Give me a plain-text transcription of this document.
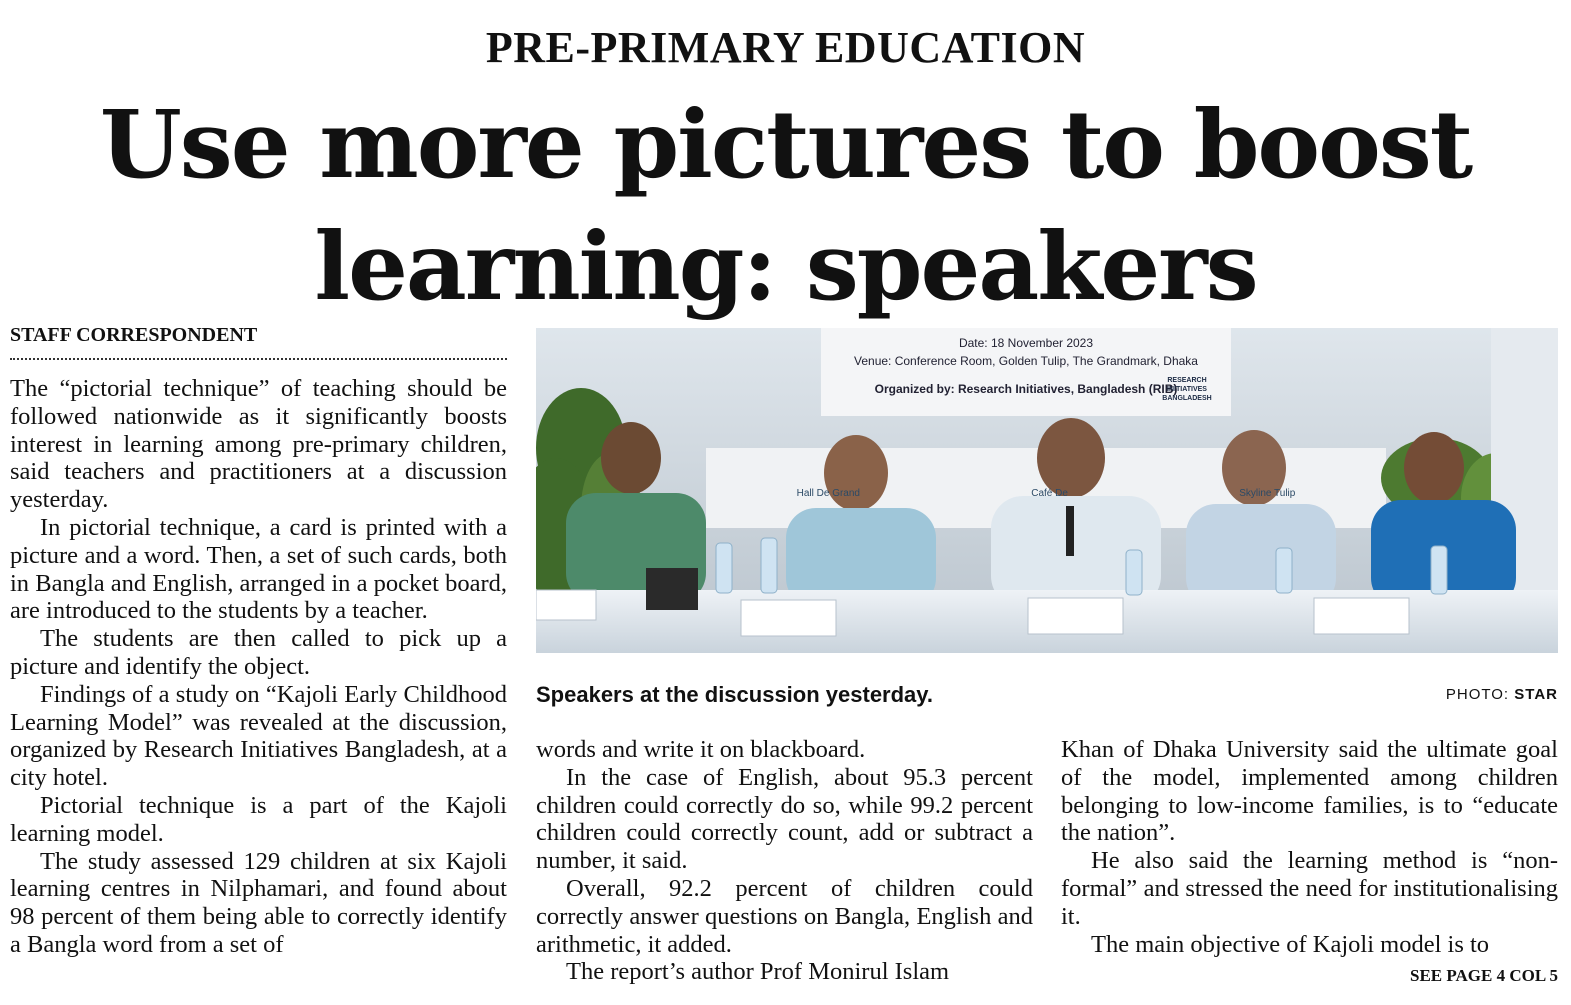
PRE-PRIMARY EDUCATION
Use more pictures to boost
learning: speakers
STAFF CORRESPONDENT

The “pictorial technique” of teaching should be followed nationwide as it significantly boosts interest in learning among pre-primary children, said teachers and practitioners at a discussion yesterday.

In pictorial technique, a card is printed with a picture and a word. Then, a set of such cards, both in Bangla and English, arranged in a pocket board, are introduced to the students by a teacher.

The students are then called to pick up a picture and identify the object.

Findings of a study on “Kajoli Early Childhood Learning Model” was revealed at the discussion, organized by Research Initiatives Bangladesh, at a city hotel.

Pictorial technique is a part of the Kajoli learning model.

The study assessed 129 children at six Kajoli learning centres in Nilphamari, and found about 98 percent of them being able to correctly identify a Bangla word from a set of

Date: 18 November 2023
Venue: Conference Room, Golden Tulip, The Grandmark, Dhaka
Organized by: Research Initiatives, Bangladesh (RIB)
RESEARCH INITIATIVES BANGLADESH
Hall De Grand	Café De	Skyline Tulip
Speakers at the discussion yesterday.	PHOTO: STAR

words and write it on blackboard.

In the case of English, about 95.3 percent children could correctly do so, while 99.2 percent children could correctly count, add or subtract a number, it said.

Overall, 92.2 percent of children could correctly answer questions on Bangla, English and arithmetic, it added.

The report’s author Prof Monirul Islam

Khan of Dhaka University said the ultimate goal of the model, implemented among children belonging to low-income families, is to “educate the nation”.

He also said the learning method is “non-formal” and stressed the need for institutionalising it.

The main objective of Kajoli model is to

SEE PAGE 4 COL 5
